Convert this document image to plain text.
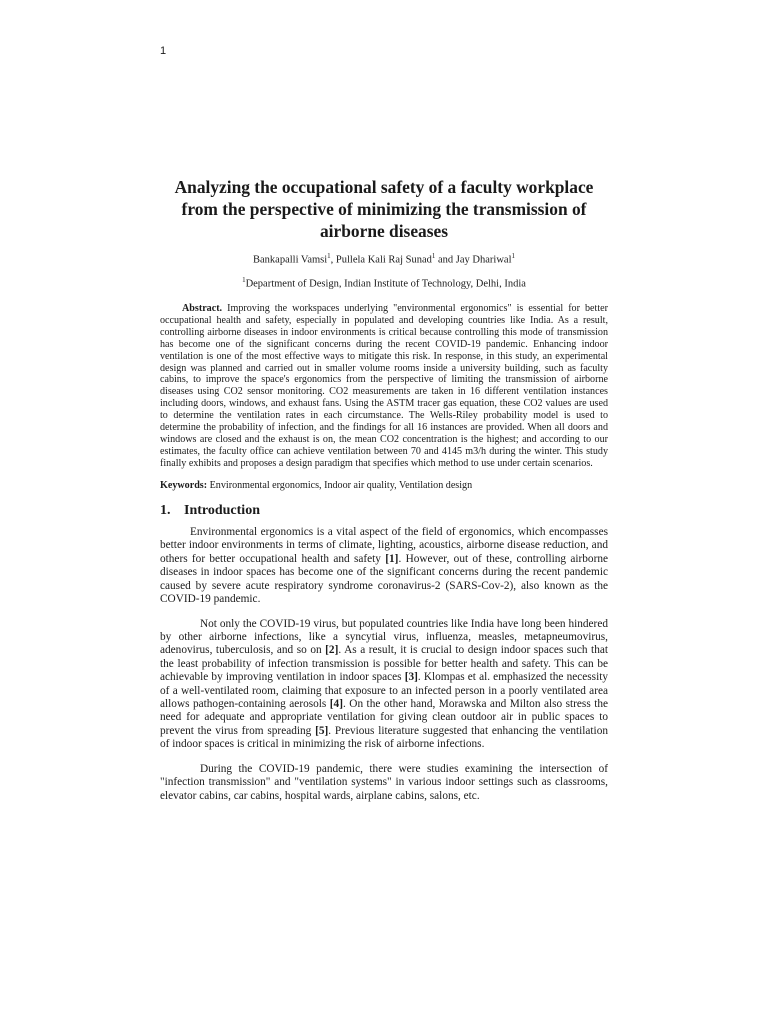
1
Analyzing the occupational safety of a faculty workplace from the perspective of minimizing the transmission of airborne diseases
Bankapalli Vamsi$^1$, Pullela Kali Raj Sunad$^1$ and Jay Dhariwal$^1$
$^1$Department of Design, Indian Institute of Technology, Delhi, India

Abstract. Improving the workspaces underlying "environmental ergonomics" is essential for better occupational health and safety, especially in populated and developing countries like India. As a result, controlling airborne diseases in indoor environments is critical because controlling this mode of transmission has become one of the significant concerns during the recent COVID-19 pandemic. Enhancing indoor ventilation is one of the most effective ways to mitigate this risk. In response, in this study, an experimental design was planned and carried out in smaller volume rooms inside a university building, such as faculty cabins, to improve the space's ergonomics from the perspective of limiting the transmission of airborne diseases using CO2 sensor monitoring. CO2 measurements are taken in 16 different ventilation instances including doors, windows, and exhaust fans. Using the ASTM tracer gas equation, these CO2 values are used to determine the ventilation rates in each circumstance. The Wells-Riley probability model is used to determine the probability of infection, and the findings for all 16 instances are provided. When all doors and windows are closed and the exhaust is on, the mean CO2 concentration is the highest; and according to our estimates, the faculty office can achieve ventilation between 70 and 4145 m3/h during the winter. This study finally exhibits and proposes a design paradigm that specifies which method to use under certain scenarios.

Keywords: Environmental ergonomics, Indoor air quality, Ventilation design

1. Introduction

Environmental ergonomics is a vital aspect of the field of ergonomics, which encompasses better indoor environments in terms of climate, lighting, acoustics, airborne disease reduction, and others for better occupational health and safety [1]. However, out of these, controlling airborne diseases in indoor spaces has become one of the significant concerns during the recent pandemic caused by severe acute respiratory syndrome coronavirus-2 (SARS-Cov-2), also known as the COVID-19 pandemic.

Not only the COVID-19 virus, but populated countries like India have long been hindered by other airborne infections, like a syncytial virus, influenza, measles, metapneumovirus, adenovirus, tuberculosis, and so on [2]. As a result, it is crucial to design indoor spaces such that the least probability of infection transmission is possible for better health and safety. This can be achievable by improving ventilation in indoor spaces [3]. Klompas et al. emphasized the necessity of a well-ventilated room, claiming that exposure to an infected person in a poorly ventilated area allows pathogen-containing aerosols [4]. On the other hand, Morawska and Milton also stress the need for adequate and appropriate ventilation for giving clean outdoor air in public spaces to prevent the virus from spreading [5]. Previous literature suggested that enhancing the ventilation of indoor spaces is critical in minimizing the risk of airborne infections.

During the COVID-19 pandemic, there were studies examining the intersection of "infection transmission" and "ventilation systems" in various indoor settings such as classrooms, elevator cabins, car cabins, hospital wards, airplane cabins, salons, etc.
